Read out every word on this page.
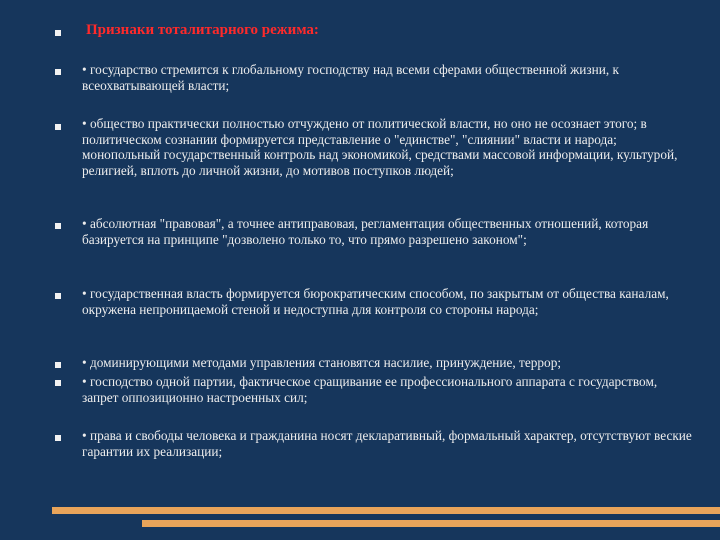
Признаки тоталитарного режима:

• государство стремится к глобальному господству над всеми сферами общественной жизни, к всеохватывающей власти;

• общество практически полностью отчуждено от политической власти, но оно не осознает этого; в политическом сознании формируется представление о "единстве", "слиянии" власти и народа; монопольный государственный контроль над экономикой, средствами массовой информации, культурой, религией, вплоть до личной жизни, до мотивов поступков людей;

• абсолютная "правовая", а точнее антиправовая, регламентация общественных отношений, которая базируется на принципе "дозволено только то, что прямо разрешено законом";

• государственная власть формируется бюрократическим способом, по закрытым от общества каналам, окружена непроницаемой стеной и недоступна для контроля со стороны народа;

• доминирующими методами управления становятся насилие, принуждение, террор;

• господство одной партии, фактическое сращивание ее профессионального аппарата с государством, запрет оппозиционно настроенных сил;

• права и свободы человека и гражданина носят декларативный, формальный характер, отсутствуют веские гарантии их реализации;
